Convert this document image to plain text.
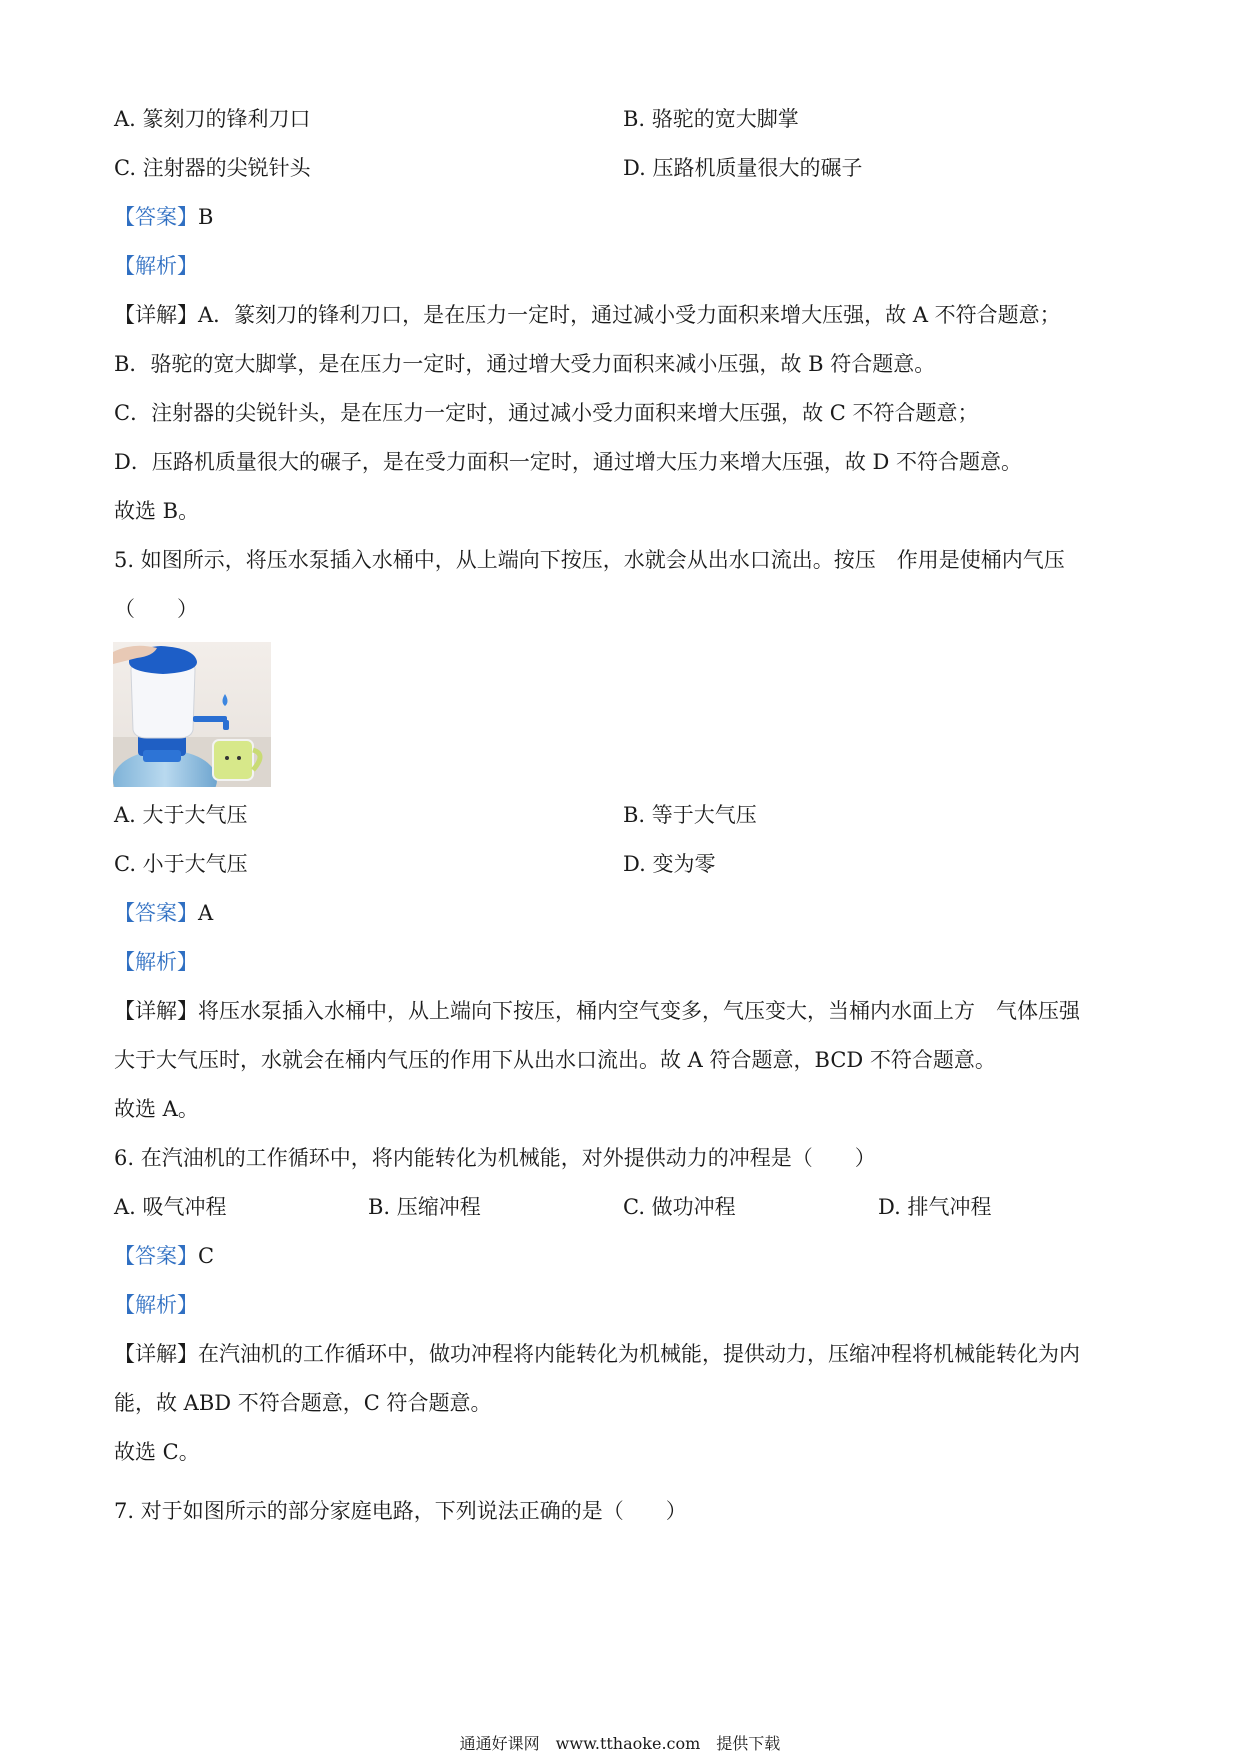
A. 篆刻刀的锋利刀口	B. 骆驼的宽大脚掌
C. 注射器的尖锐针头	D. 压路机质量很大的碾子
【答案】B
【解析】
【详解】A．篆刻刀的锋利刀口，是在压力一定时，通过减小受力面积来增大压强，故 A 不符合题意；
B．骆驼的宽大脚掌，是在压力一定时，通过增大受力面积来减小压强，故 B 符合题意。
C．注射器的尖锐针头，是在压力一定时，通过减小受力面积来增大压强，故 C 不符合题意；
D．压路机质量很大的碾子，是在受力面积一定时，通过增大压力来增大压强，故 D 不符合题意。
故选 B。
5. 如图所示，将压水泵插入水桶中，从上端向下按压，水就会从出水口流出。按压　作用是使桶内气压
（　　）
A. 大于大气压	B. 等于大气压
C. 小于大气压	D. 变为零
【答案】A
【解析】
【详解】将压水泵插入水桶中，从上端向下按压，桶内空气变多，气压变大，当桶内水面上方　气体压强
大于大气压时，水就会在桶内气压的作用下从出水口流出。故 A 符合题意，BCD 不符合题意。
故选 A。
6. 在汽油机的工作循环中，将内能转化为机械能，对外提供动力的冲程是（　　）
A. 吸气冲程	B. 压缩冲程	C. 做功冲程	D. 排气冲程
【答案】C
【解析】
【详解】在汽油机的工作循环中，做功冲程将内能转化为机械能，提供动力，压缩冲程将机械能转化为内
能，故 ABD 不符合题意，C 符合题意。
故选 C。
7. 对于如图所示的部分家庭电路，下列说法正确的是（　　）
通通好课网　www.tthaoke.com　提供下载
